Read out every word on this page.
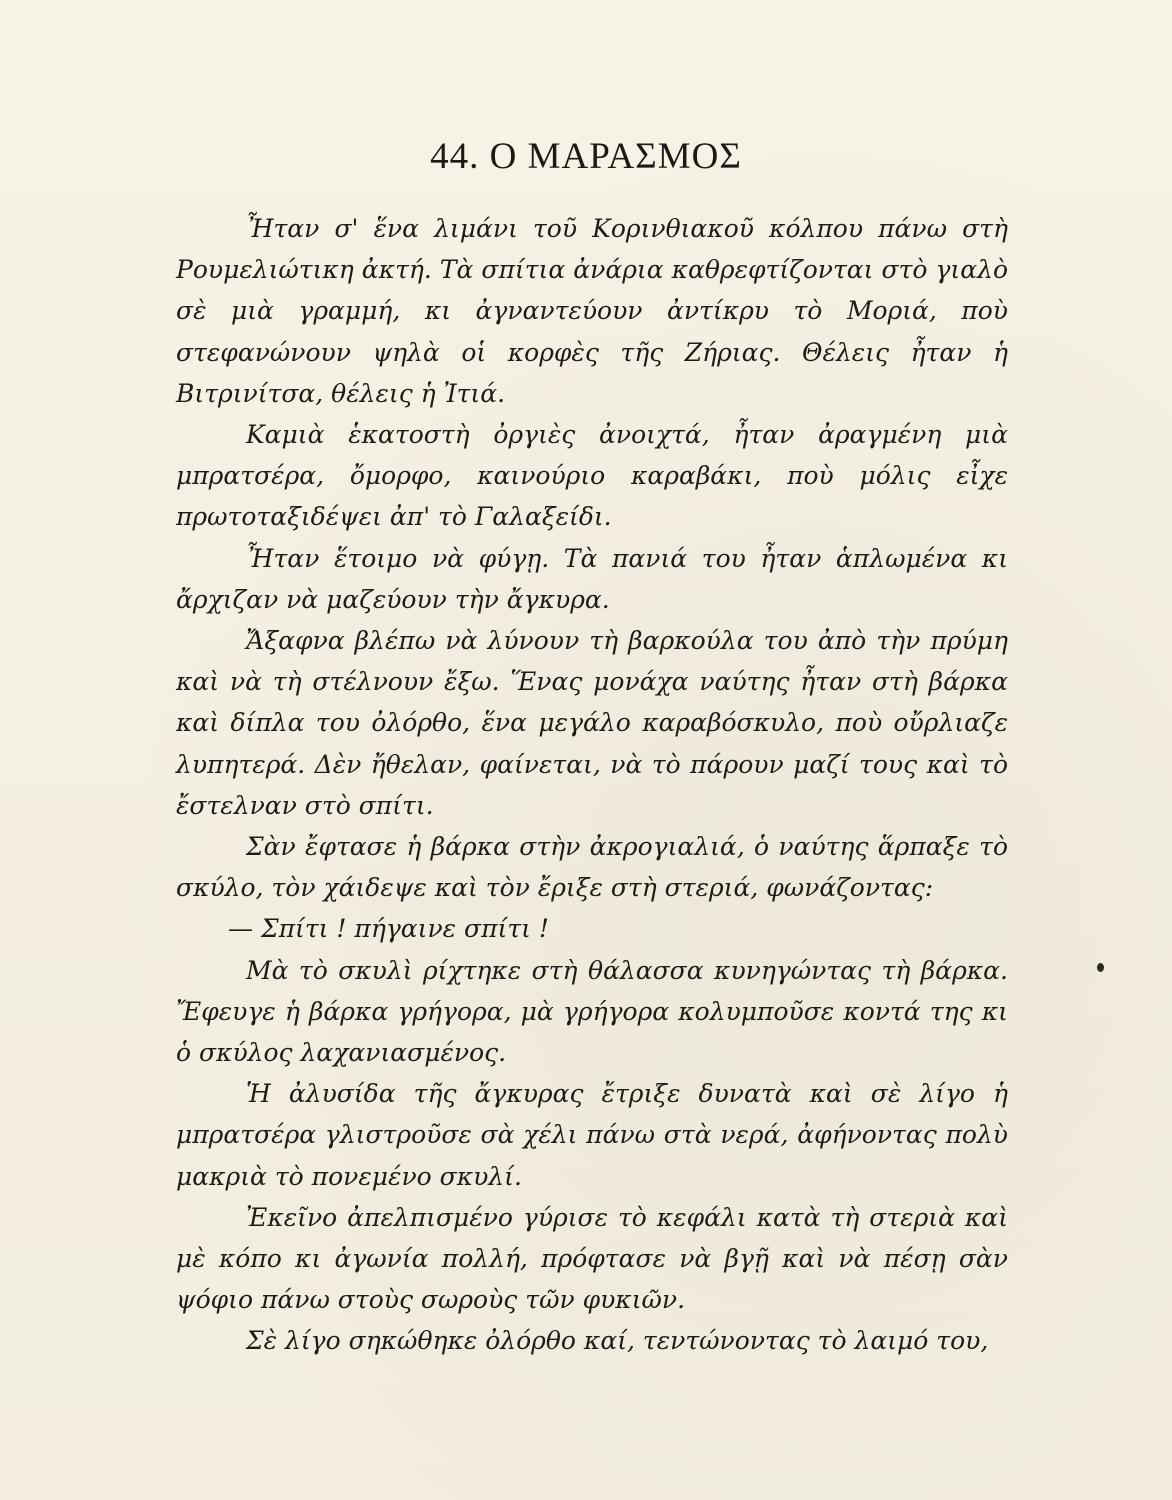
44. Ο ΜΑΡΑΣΜΟΣ

Ἦταν σ' ἕνα λιμάνι τοῦ Κορινθιακοῦ κόλπου πάνω στὴ Ρουμελιώτικη ἀκτή. Τὰ σπίτια ἀνάρια καθρεφτίζονται στὸ γιαλὸ σὲ μιὰ γραμμή, κι ἀγναντεύουν ἀντίκρυ τὸ Μοριά, ποὺ στεφανώνουν ψηλὰ οἱ κορφὲς τῆς Ζήριας. Θέλεις ἦταν ἡ Βιτρινίτσα, θέλεις ἡ Ἰτιά.

Καμιὰ ἑκατοστὴ ὀργιὲς ἀνοιχτά, ἦταν ἀραγμένη μιὰ μπρατσέρα, ὄμορφο, καινούριο καραβάκι, ποὺ μόλις εἶχε πρωτοταξιδέψει ἀπ' τὸ Γαλαξείδι.

Ἦταν ἕτοιμο νὰ φύγῃ. Τὰ πανιά του ἦταν ἁπλωμένα κι ἄρχιζαν νὰ μαζεύουν τὴν ἄγκυρα.

Ἄξαφνα βλέπω νὰ λύνουν τὴ βαρκούλα του ἀπὸ τὴν πρύμη καὶ νὰ τὴ στέλνουν ἔξω. Ἕνας μονάχα ναύτης ἦταν στὴ βάρκα καὶ δίπλα του ὀλόρθο, ἕνα μεγάλο καραβόσκυλο, ποὺ οὔρλιαζε λυπητερά. Δὲν ἤθελαν, φαίνεται, νὰ τὸ πάρουν μαζί τους καὶ τὸ ἔστελναν στὸ σπίτι.

Σὰν ἔφτασε ἡ βάρκα στὴν ἀκρογιαλιά, ὁ ναύτης ἅρπαξε τὸ σκύλο, τὸν χάιδεψε καὶ τὸν ἔριξε στὴ στεριά, φωνάζοντας:

— Σπίτι ! πήγαινε σπίτι !

Μὰ τὸ σκυλὶ ρίχτηκε στὴ θάλασσα κυνηγώντας τὴ βάρκα. Ἔφευγε ἡ βάρκα γρήγορα, μὰ γρήγορα κολυμποῦσε κοντά της κι ὁ σκύλος λαχανιασμένος.

Ἡ ἀλυσίδα τῆς ἄγκυρας ἔτριξε δυνατὰ καὶ σὲ λίγο ἡ μπρατσέρα γλιστροῦσε σὰ χέλι πάνω στὰ νερά, ἀφήνοντας πολὺ μακριὰ τὸ πονεμένο σκυλί.

Ἐκεῖνο ἀπελπισμένο γύρισε τὸ κεφάλι κατὰ τὴ στεριὰ καὶ μὲ κόπο κι ἀγωνία πολλή, πρόφτασε νὰ βγῇ καὶ νὰ πέσῃ σὰν ψόφιο πάνω στοὺς σωροὺς τῶν φυκιῶν.

Σὲ λίγο σηκώθηκε ὀλόρθο καί, τεντώνοντας τὸ λαιμό του,
